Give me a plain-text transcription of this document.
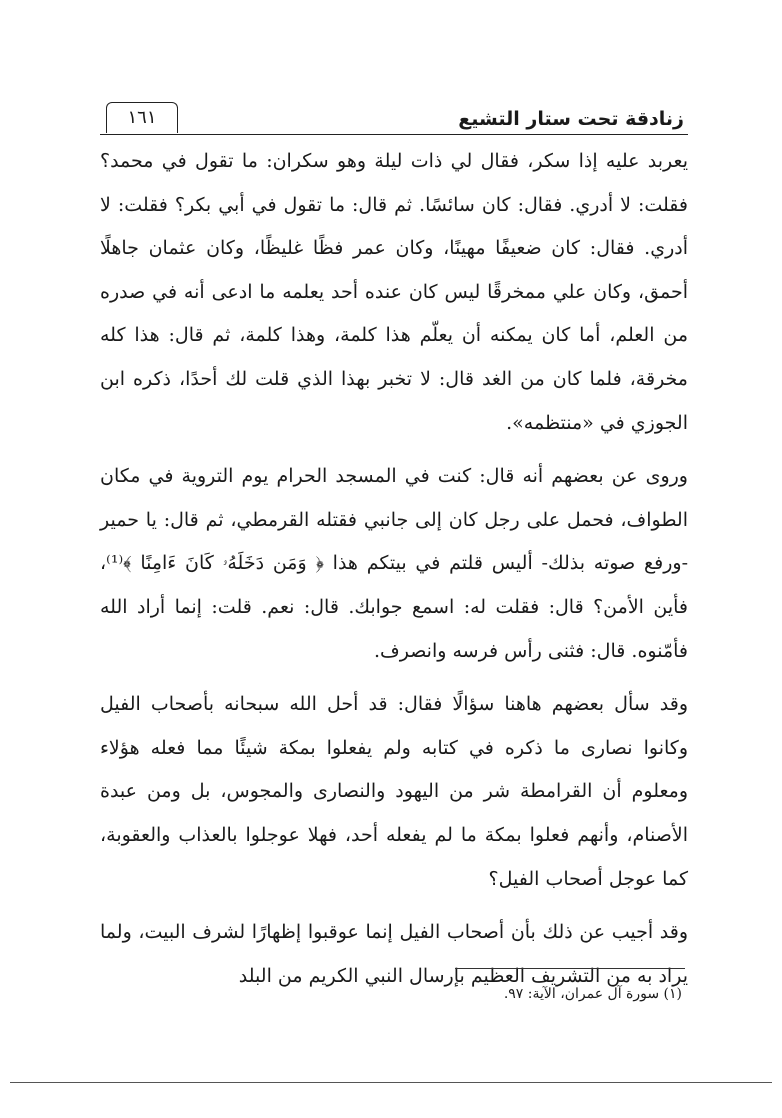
١٦١	زنادقة تحت ستار التشيع

يعربد عليه إذا سكر، فقال لي ذات ليلة وهو سكران: ما تقول في محمد؟ فقلت: لا أدري. فقال: كان سائسًا. ثم قال: ما تقول في أبي بكر؟ فقلت: لا أدري. فقال: كان ضعيفًا مهينًا، وكان عمر فظًا غليظًا، وكان عثمان جاهلًا أحمق، وكان علي ممخرقًا ليس كان عنده أحد يعلمه ما ادعى أنه في صدره من العلم، أما كان يمكنه أن يعلّم هذا كلمة، وهذا كلمة، ثم قال: هذا كله مخرقة، فلما كان من الغد قال: لا تخبر بهذا الذي قلت لك أحدًا، ذكره ابن الجوزي في «منتظمه».

وروى عن بعضهم أنه قال: كنت في المسجد الحرام يوم التروية في مكان الطواف، فحمل على رجل كان إلى جانبي فقتله القرمطي، ثم قال: يا حمير -ورفع صوته بذلك- أليس قلتم في بيتكم هذا ﴿ وَمَن دَخَلَهُۥ كَانَ ءَامِنًا ﴾⁽¹⁾، فأين الأمن؟ قال: فقلت له: اسمع جوابك. قال: نعم. قلت: إنما أراد الله فأمّنوه. قال: فثنى رأس فرسه وانصرف.

وقد سأل بعضهم هاهنا سؤالًا فقال: قد أحل الله سبحانه بأصحاب الفيل وكانوا نصارى ما ذكره في كتابه ولم يفعلوا بمكة شيئًا مما فعله هؤلاء ومعلوم أن القرامطة شر من اليهود والنصارى والمجوس، بل ومن عبدة الأصنام، وأنهم فعلوا بمكة ما لم يفعله أحد، فهلا عوجلوا بالعذاب والعقوبة، كما عوجل أصحاب الفيل؟

وقد أجيب عن ذلك بأن أصحاب الفيل إنما عوقبوا إظهارًا لشرف البيت، ولما يراد به من التشريف العظيم بإرسال النبي الكريم من البلد

(١) سورة آل عمران، الآية: ٩٧.
